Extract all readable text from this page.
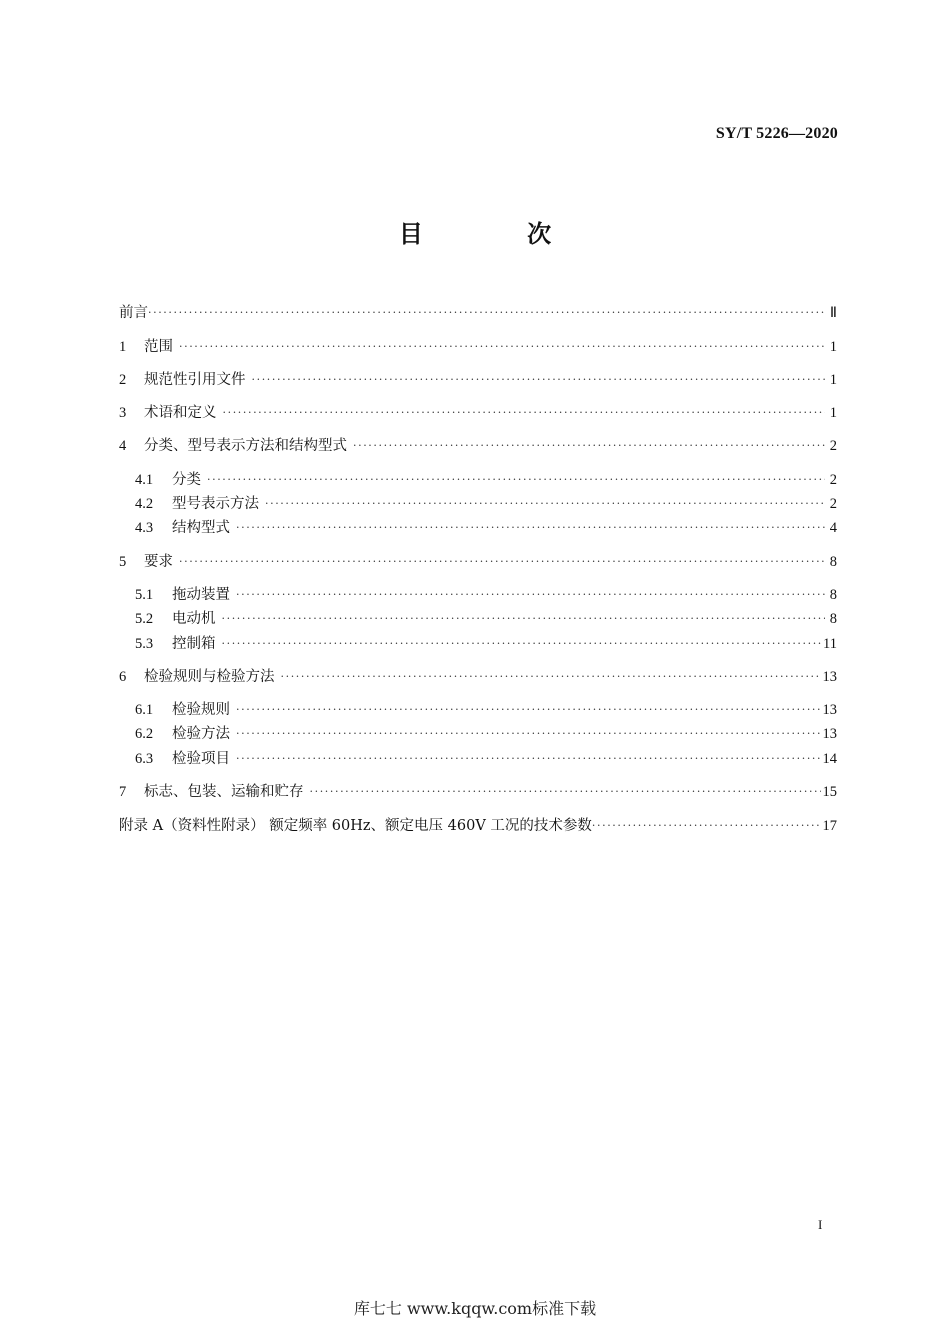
SY/T 5226—2020
目 次
前言 ·····	Ⅱ
1	范围 ·····	1
2	规范性引用文件 ·····	1
3	术语和定义 ·····	1
4	分类、型号表示方法和结构型式 ·····	2
4.1	分类 ·····	2
4.2	型号表示方法 ·····	2
4.3	结构型式 ·····	4
5	要求 ·····	8
5.1	拖动装置 ·····	8
5.2	电动机 ·····	8
5.3	控制箱 ·····	11
6	检验规则与检验方法 ·····	13
6.1	检验规则 ·····	13
6.2	检验方法 ·····	13
6.3	检验项目 ·····	14
7	标志、包装、运输和贮存 ·····	15
附录 A（资料性附录） 额定频率 60Hz、额定电压 460V 工况的技术参数 ·····	17
I
库七七 www.kqqw.com标准下载
